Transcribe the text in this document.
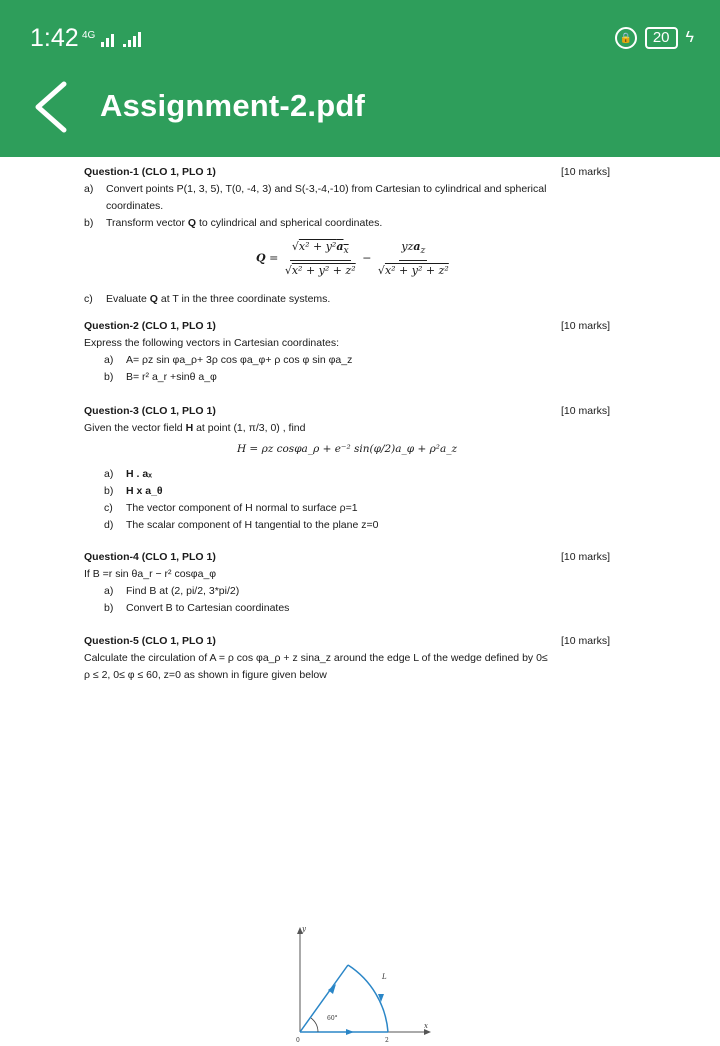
1:42 4G	🔒	20	ϟ
Assignment-2.pdf
Question-1 (CLO 1, PLO 1)	[10 marks]
a)	Convert points P(1, 3, 5), T(0, -4, 3) and S(-3,-4,-10) from Cartesian to cylindrical and spherical
coordinates.
b)	Transform vector Q to cylindrical and spherical coordinates.
$Q = \frac{√x^2 + y^2a_x}{\text{√x² + y² + z²}} - \frac{yza_z}{\text{√x² + y² + z²}}$
c)	Evaluate Q at T in the three coordinate systems.
Question-2 (CLO 1, PLO 1)	[10 marks]
Express the following vectors in Cartesian coordinates:
a)	A= ρz sin φa_ρ+ 3ρ cos φa_φ+ ρ cos φ sin φa_z
b)	B= r² a_r +sinθ a_φ
Question-3 (CLO 1, PLO 1)	[10 marks]
Given the vector field H at point (1, π/3, 0) , find
H = ρz cosφa_ρ + e⁻² sin(φ/2)a_φ + ρ²a_z
a)	H . aₓ
b)	H x a_θ
c)	The vector component of H normal to surface ρ=1
d)	The scalar component of H tangential to the plane z=0
Question-4 (CLO 1, PLO 1)	[10 marks]
If B =r sin θa_r − r² cosφa_φ
a)	Find B at (2, pi/2, 3*pi/2)
b)	Convert B to Cartesian coordinates
Question-5 (CLO 1, PLO 1)	[10 marks]
Calculate the circulation of A = ρ cos φa_ρ + z sina_z around the edge L of the wedge defined by 0≤
ρ ≤ 2, 0≤ φ ≤ 60, z=0 as shown in figure given below
y
x
L
60°
0	2
